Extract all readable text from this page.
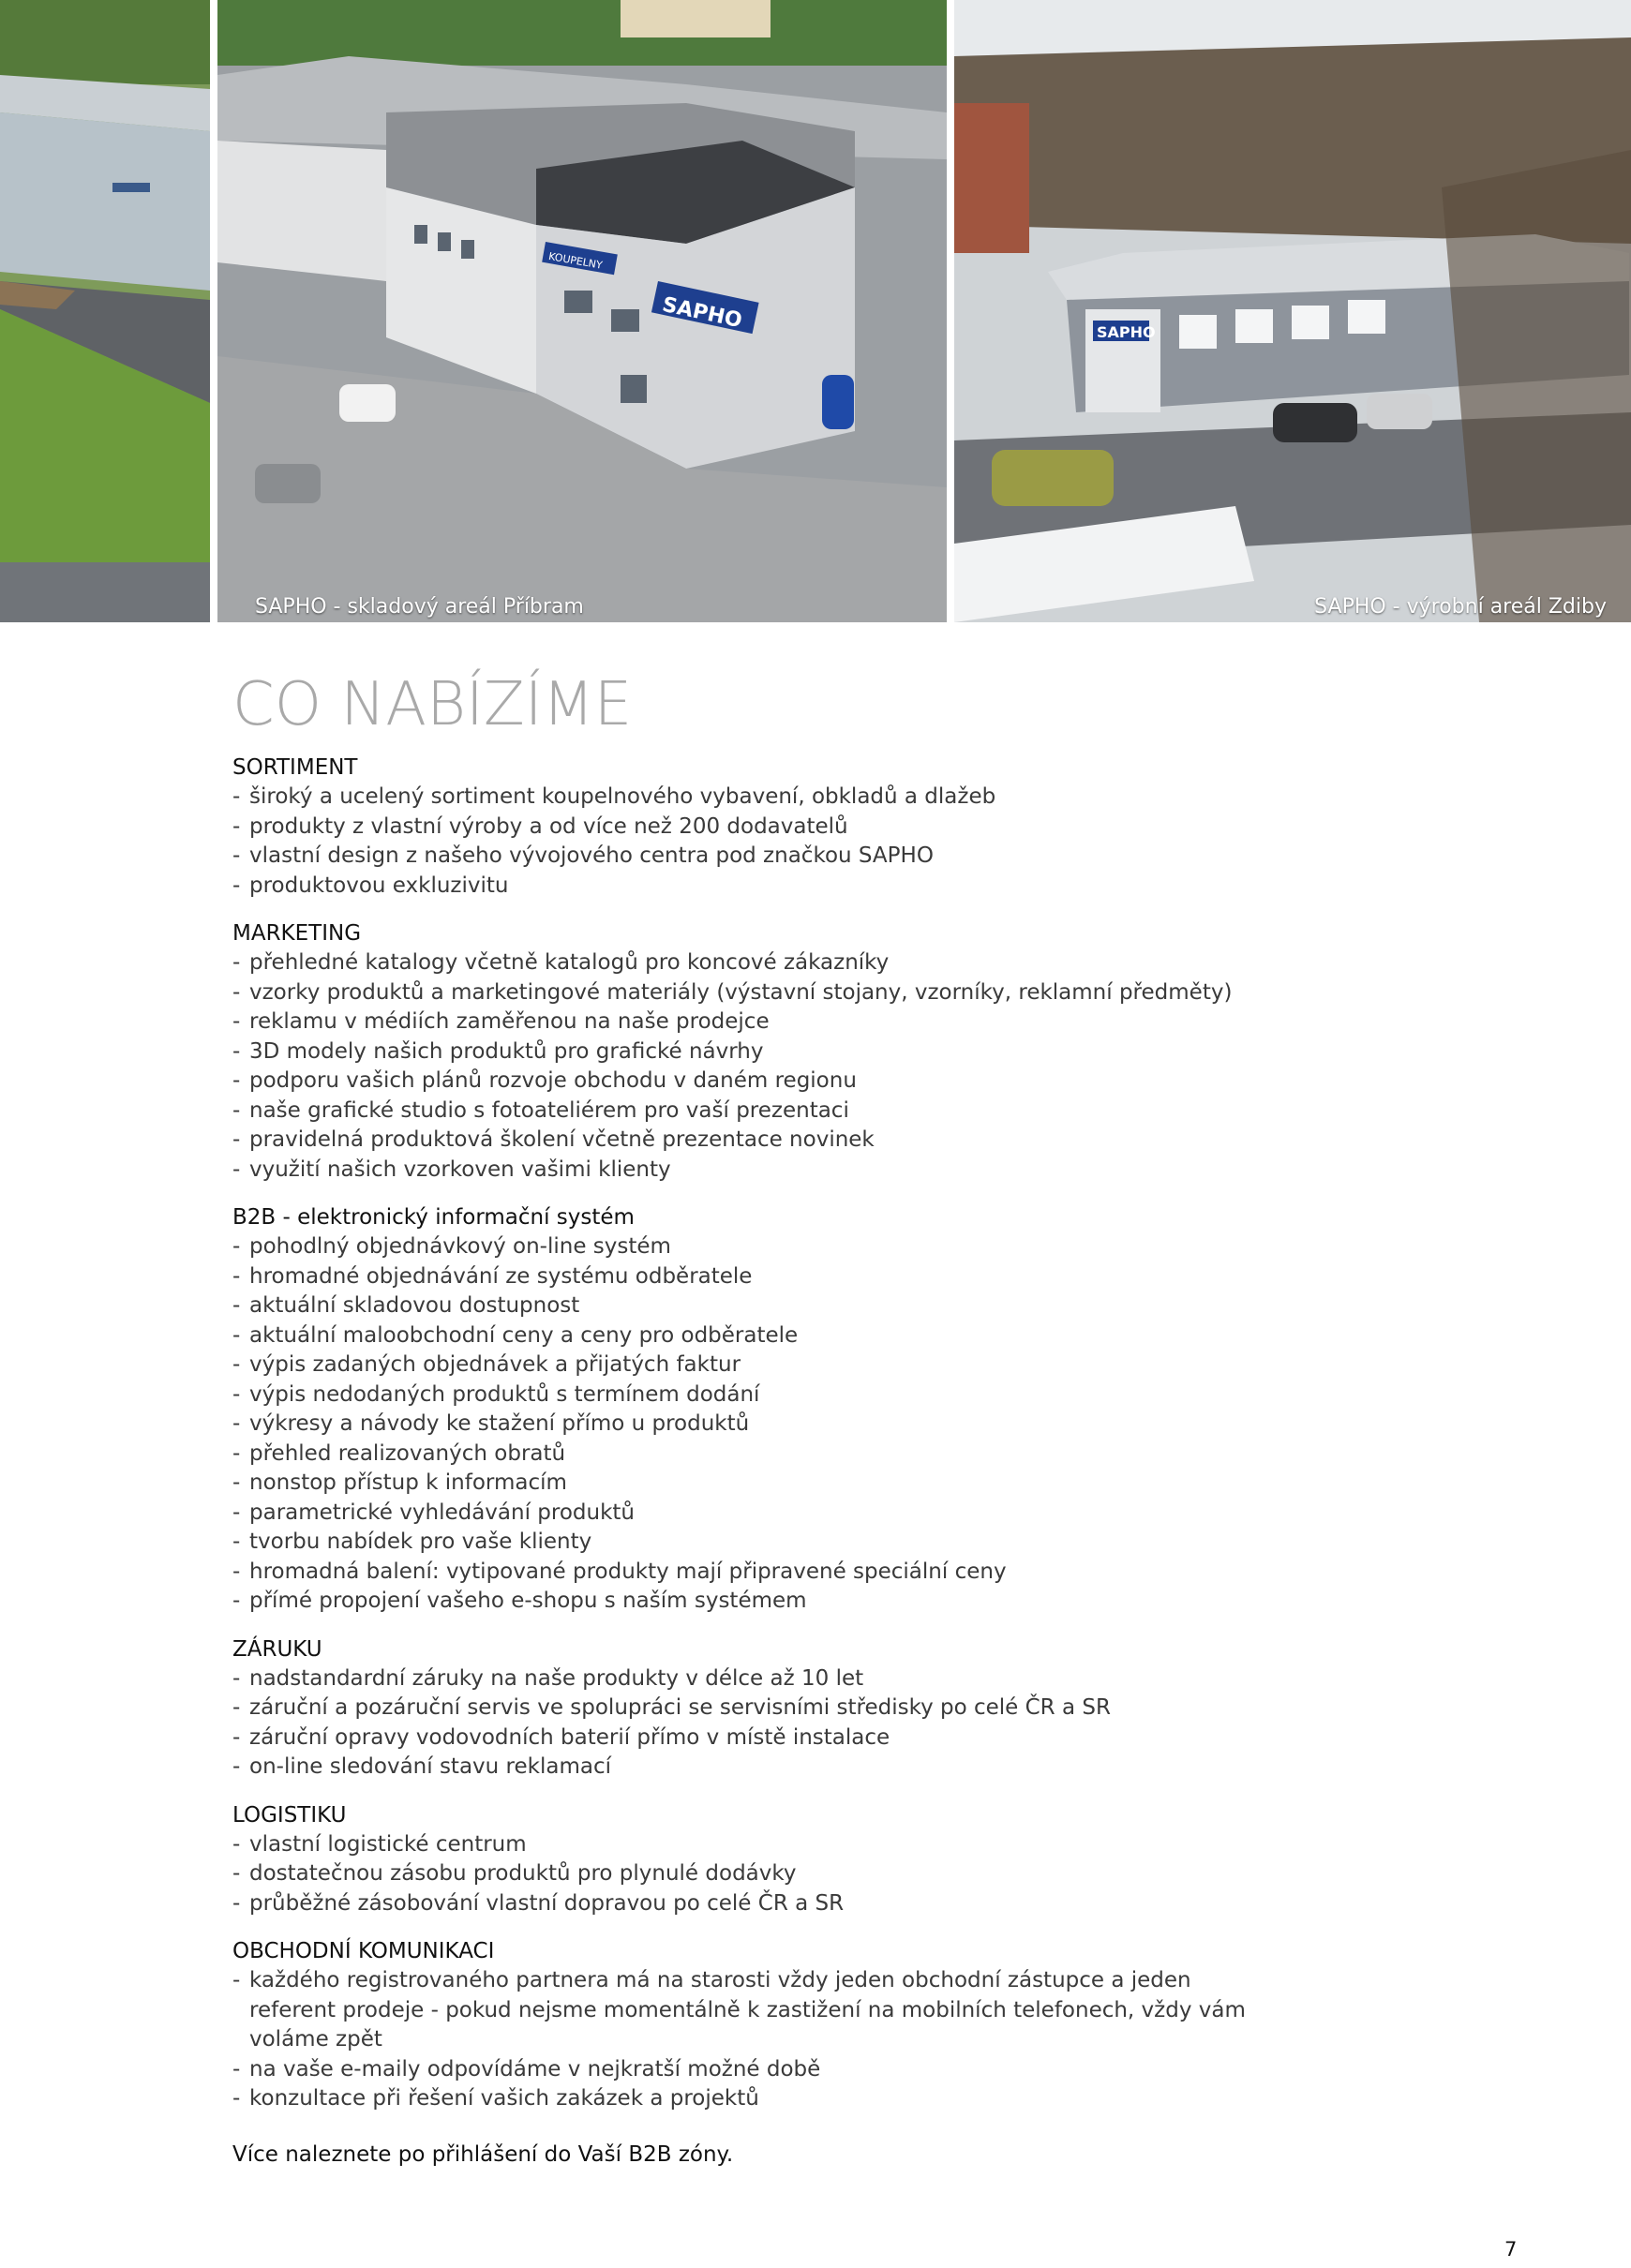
SAPHO
KOUPELNY
SAPHO - skladový areál Příbram
SAPHO
SAPHO - výrobní areál Zdiby
CO NABÍZÍME
SORTIMENT
- široký a ucelený sortiment koupelnového vybavení, obkladů a dlažeb
- produkty z vlastní výroby a od více než 200 dodavatelů
- vlastní design z našeho vývojového centra pod značkou SAPHO
- produktovou exkluzivitu
MARKETING
- přehledné katalogy včetně katalogů pro koncové zákazníky
- vzorky produktů a marketingové materiály (výstavní stojany, vzorníky, reklamní předměty)
- reklamu v médiích zaměřenou na naše prodejce
- 3D modely našich produktů pro grafické návrhy
- podporu vašich plánů rozvoje obchodu v daném regionu
- naše grafické studio s fotoateliérem pro vaší prezentaci
- pravidelná produktová školení včetně prezentace novinek
- využití našich vzorkoven vašimi klienty
B2B - elektronický informační systém
- pohodlný objednávkový on-line systém
- hromadné objednávání ze systému odběratele
- aktuální skladovou dostupnost
- aktuální maloobchodní ceny a ceny pro odběratele
- výpis zadaných objednávek a přijatých faktur
- výpis nedodaných produktů s termínem dodání
- výkresy a návody ke stažení přímo u produktů
- přehled realizovaných obratů
- nonstop přístup k informacím
- parametrické vyhledávání produktů
- tvorbu nabídek pro vaše klienty
- hromadná balení: vytipované produkty mají připravené speciální ceny
- přímé propojení vašeho e-shopu s naším systémem
ZÁRUKU
- nadstandardní záruky na naše produkty v délce až 10 let
- záruční a pozáruční servis ve spolupráci se servisními středisky po celé ČR a SR
- záruční opravy vodovodních baterií přímo v místě instalace
- on-line sledování stavu reklamací
LOGISTIKU
- vlastní logistické centrum
- dostatečnou zásobu produktů pro plynulé dodávky
- průběžné zásobování vlastní dopravou po celé ČR a SR
OBCHODNÍ KOMUNIKACI
- každého registrovaného partnera má na starosti vždy jeden obchodní zástupce a jeden referent prodeje - pokud nejsme momentálně k zastižení na mobilních telefonech, vždy vám voláme zpět
- na vaše e-maily odpovídáme v nejkratší možné době
- konzultace při řešení vašich zakázek a projektů
Více naleznete po přihlášení do Vaší B2B zóny.
7
